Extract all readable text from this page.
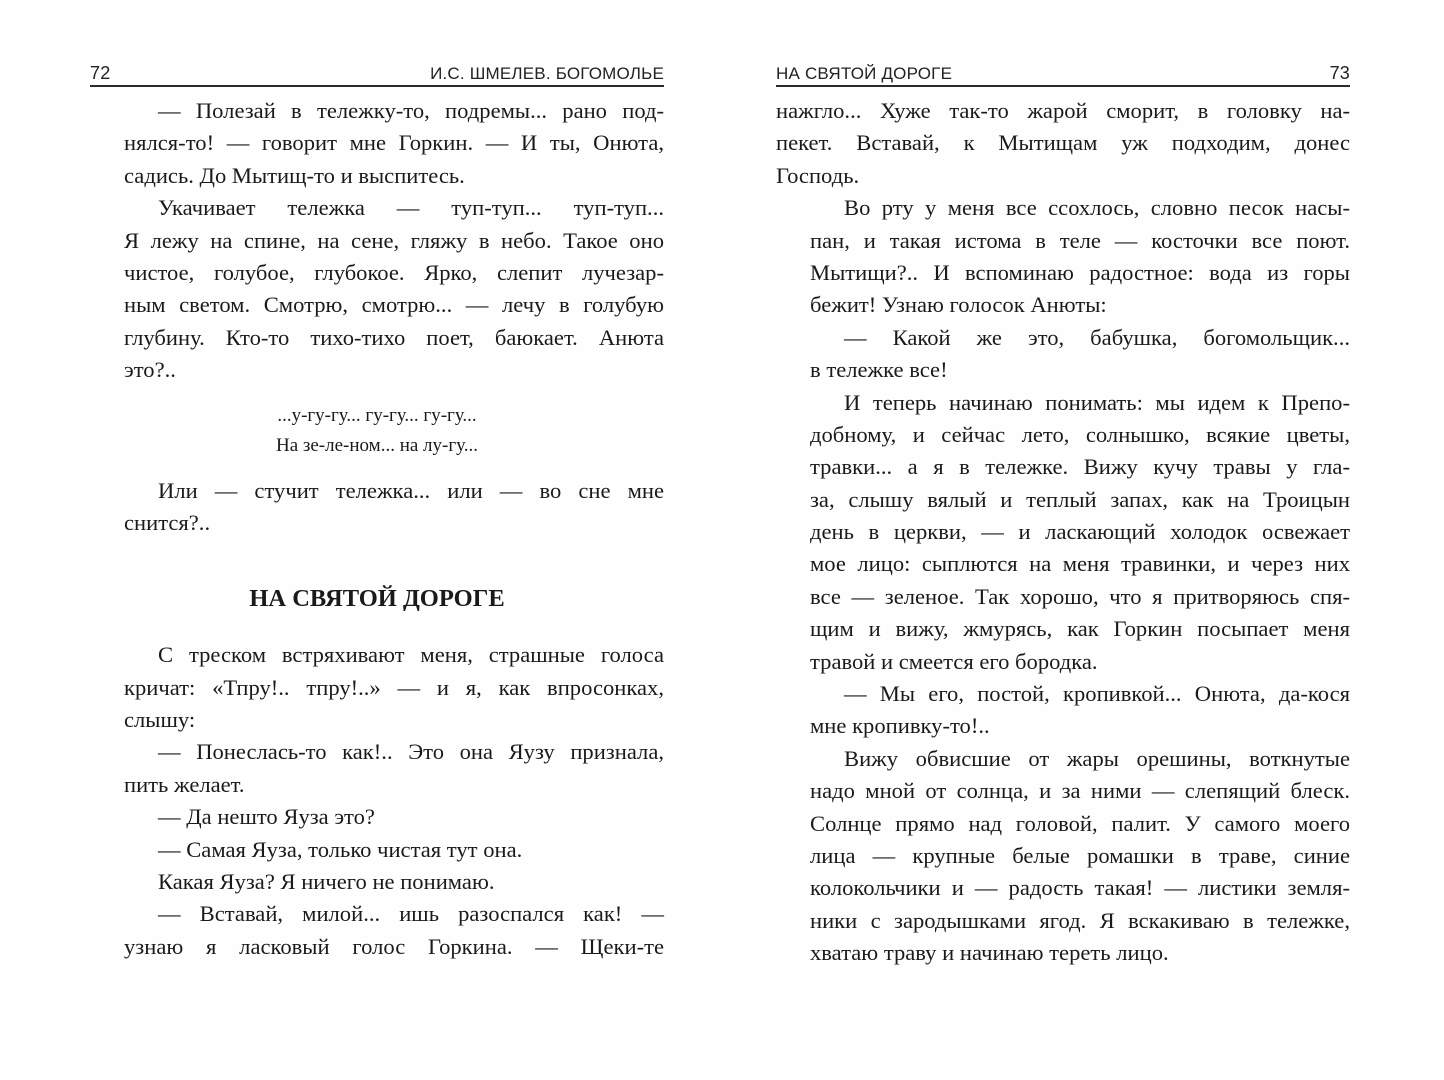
72	И.С. ШМЕЛЕВ. БОГОМОЛЬЕ

— Полезай в тележку-то, подремы... рано под-
нялся-то! — говорит мне Горкин. — И ты, Онюта,
садись. До Мытищ-то и выспитесь.

Укачивает тележка — туп-туп... туп-туп...
Я лежу на спине, на сене, гляжу в небо. Такое оно
чистое, голубое, глубокое. Ярко, слепит лучезар-
ным светом. Смотрю, смотрю... — лечу в голубую
глубину. Кто-то тихо-тихо поет, баюкает. Анюта
это?..

...у-гу-гу... гу-гу... гу-гу...
На зе-ле-ном... на лу-гу...

Или — стучит тележка... или — во сне мне
снится?..

НА СВЯТОЙ ДОРОГЕ

С треском встряхивают меня, страшные голоса
кричат: «Тпру!.. тпру!..» — и я, как впросонках,
слышу:

— Понеслась-то как!.. Это она Яузу признала,
пить желает.

— Да нешто Яуза это?

— Самая Яуза, только чистая тут она.

Какая Яуза? Я ничего не понимаю.

— Вставай, милой... ишь разоспался как! —
узнаю я ласковый голос Горкина. — Щеки-те

НА СВЯТОЙ ДОРОГЕ	73

нажгло... Хуже так-то жарой сморит, в головку на-
пекет. Вставай, к Мытищам уж подходим, донес
Господь.

Во рту у меня все ссохлось, словно песок насы-
пан, и такая истома в теле — косточки все поют.
Мытищи?.. И вспоминаю радостное: вода из горы
бежит! Узнаю голосок Анюты:

— Какой же это, бабушка, богомольщик...
в тележке все!

И теперь начинаю понимать: мы идем к Препо-
добному, и сейчас лето, солнышко, всякие цветы,
травки... а я в тележке. Вижу кучу травы у гла-
за, слышу вялый и теплый запах, как на Троицын
день в церкви, — и ласкающий холодок освежает
мое лицо: сыплются на меня травинки, и через них
все — зеленое. Так хорошо, что я притворяюсь спя-
щим и вижу, жмурясь, как Горкин посыпает меня
травой и смеется его бородка.

— Мы его, постой, кропивкой... Онюта, да-кося
мне кропивку-то!..

Вижу обвисшие от жары орешины, воткнутые
надо мной от солнца, и за ними — слепящий блеск.
Солнце прямо над головой, палит. У самого моего
лица — крупные белые ромашки в траве, синие
колокольчики и — радость такая! — листики земля-
ники с зародышками ягод. Я вскакиваю в тележке,
хватаю траву и начинаю тереть лицо.
